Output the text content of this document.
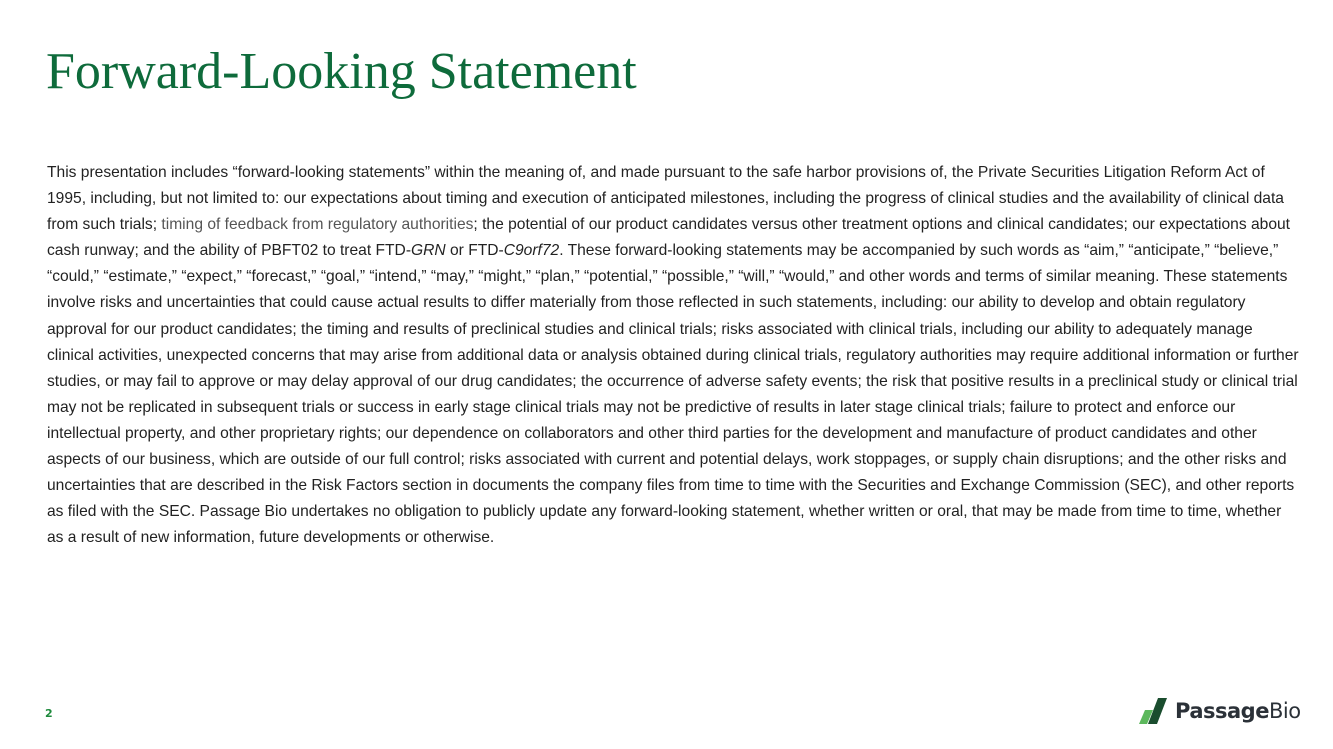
Forward-Looking Statement

This presentation includes “forward-looking statements” within the meaning of, and made pursuant to the safe harbor provisions of, the Private Securities Litigation Reform Act of 1995, including, but not limited to: our expectations about timing and execution of anticipated milestones, including the progress of clinical studies and the availability of clinical data from such trials; timing of feedback from regulatory authorities; the potential of our product candidates versus other treatment options and clinical candidates; our expectations about cash runway; and the ability of PBFT02 to treat FTD-GRN or FTD-C9orf72. These forward-looking statements may be accompanied by such words as “aim,” “anticipate,” “believe,” “could,” “estimate,” “expect,” “forecast,” “goal,” “intend,” “may,” “might,” “plan,” “potential,” “possible,” “will,” “would,” and other words and terms of similar meaning. These statements involve risks and uncertainties that could cause actual results to differ materially from those reflected in such statements, including: our ability to develop and obtain regulatory approval for our product candidates; the timing and results of preclinical studies and clinical trials; risks associated with clinical trials, including our ability to adequately manage clinical activities, unexpected concerns that may arise from additional data or analysis obtained during clinical trials, regulatory authorities may require additional information or further studies, or may fail to approve or may delay approval of our drug candidates; the occurrence of adverse safety events; the risk that positive results in a preclinical study or clinical trial may not be replicated in subsequent trials or success in early stage clinical trials may not be predictive of results in later stage clinical trials; failure to protect and enforce our intellectual property, and other proprietary rights; our dependence on collaborators and other third parties for the development and manufacture of product candidates and other aspects of our business, which are outside of our full control; risks associated with current and potential delays, work stoppages, or supply chain disruptions; and the other risks and uncertainties that are described in the Risk Factors section in documents the company files from time to time with the Securities and Exchange Commission (SEC), and other reports as filed with the SEC. Passage Bio undertakes no obligation to publicly update any forward-looking statement, whether written or oral, that may be made from time to time, whether as a result of new information, future developments or otherwise.

2	PassageBio
